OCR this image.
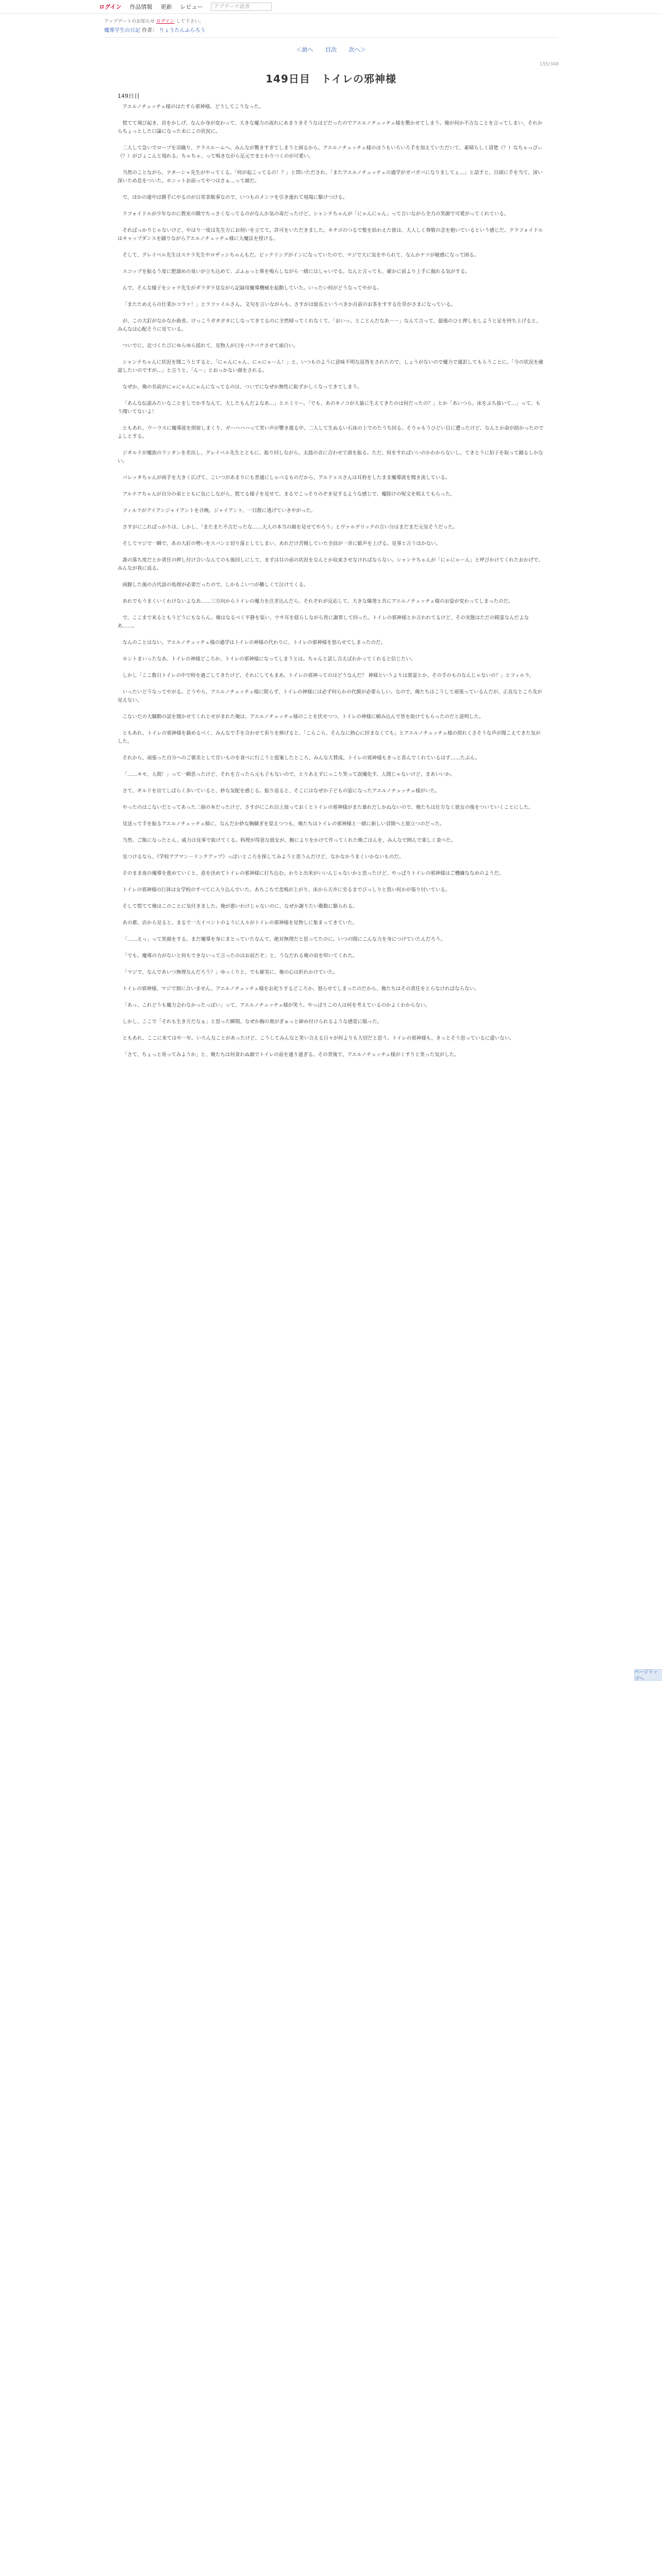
ログイン 作品情報 更新 レビュー	アプデーテ読者
アップデートのお知らせ ログイン して下さい。
魔導学生の日記 作者： りょうたんふらろう
＜前へ 目次 次へ＞
155/348
149日目　トイレの邪神様
149日目

アエルノチュッチェ様のはたすら邪神様。どうしてこうなった。

慌てて飛び起き、首をかしげ、なんか身が変わって、大きな魔力の流れにあまりきそうなほどだったのでアエルノチュッチェ様を驚かせてしまう。俺が何か不吉なことを言ってしまい、それからちょっとした口論になった末にこの状況に。

二人して急いでローブを羽織り、クラスルームへ。みんなが驚きすぎてしまうと困るから、アエルノチュッチェ様のほうもいろいろ手を加えていただいて、素晴らしく清楚（？）なちゃっぴぃ（？）がぴょこんと現れる。ちゃちゃ、って鳴きながら足元でまとわりつくのが可愛い。

当然のことながら、ナターシャ先生がやってくる。「何が起こってるの！？」と問いただされ、「またアエルノチュッチェの通学がガバガバになりましてぇ…」と話すと、目頭に手を当て、深い深いため息をついた。ホンットお前ってやつはさぁ…って顔だ。

で、ほかの連中は勝手にやるのが日常茶飯事なので、いつものメンツを引き連れて現場に駆けつける。

ラフォイドルが少年なのに教室の隅でちっさくなってるのがなんか気の毒だったけど、シャンテちゃんが「にゃんにゃん」って言いながら全力の笑顔で可愛がってくれている。

そればっかりじゃないけど、やはり一度は先生方にお伺いを立てて、許可をいただきました。キチゴのつるで髪を結わえた彼は、大人しく尊敬の念を抱いているという感じだ。クラフォイドルはキャップダンスを踊りながらアエルノチュッチェ様に大魔法を授ける。

そして、グレイベル先生はステラ先生やロザッシちゃんもだ。ピックリングがインになっていたので、マジで大に気をやられて、なんかケツが敏感になって困る。

スコップを振るう度に肥溜めの臭いが立ち込めて、ぶふぉっと鼻を鳴らしながら一緒にはしゃいでる。なんと言っても、確かに前より上手に掘れる気がする。

んで、そんな様子をシャラ先生がダラダラ見ながら記録用魔導機械を起動していた。いったい何がどうなってやがる。

「またためえらの仕業かコラァ！」とラファイルさん。文句を言いながらも、さすがは総長というべきか自前のお茶をすする仕草がさまになっている。

が、この大釘がなかなか曲者。けっこうガタガタにしなってきてるのに全然帰ってくれなくて、「おいっ、とことんだなあ～～」なんて言って、最後のひと押しをしようと足を持ち上げると、みんなは心配そうに見ている。

ついでに、近づくたびにゆらゆら揺れて、見物人が口をパクパクさせて面白い。

シャンテちゃんに状況を聞こうとすると、「にゃんにゃん、にゃにゃーん！」と、いつものように意味不明な返答をされたので、しょうがないので魔力で通訳してもらうことに。「今の状況を確認したいのですが…」と言うと、「ん～」とおっかない顔をされる。

なぜか、俺の名前がにゃにゃんにゃんになってるのは、ついでになぜか無性に恥ずかしくなってきてしまう。

「あんな伝説みたいなことをしでかすなんて、大したもんだよなあ…」とエミリー。「でも、あのキノコが大量に生えてきたのは何だったの？」とか「あいつら、床をぶち抜いて…」って、もう聞いてないよ！

ともあれ、ウーラスに魔導波を照射しまくり、ガーハハハって笑い声が響き渡る中、二人して生ぬるい石床の上でのたうち回る。そりゃもうひどい目に遭ったけど、なんとか命が助かったのでよしとする。

ジオルドが魔族のランタンを差出し、グレイベル先生とともに、振り回しながら、太鼓の音に合わせて頭を振る。ただ、何をすればいいのかわからないし、てきとうに拍子を取って踊るしかない。

パレッタちゃんが両手を大きく広げて、こいつがあまりにも普通にしゃべるものだから、アルドゥスさんは耳栓をしたまま魔導波を聞き流している。

アルテアちゃんが自分の弟とともに気にしながら、慌てる様子を見せて、まるでこっそりのぞき見するような感じで、魔除けの呪文を唱えてもらった。

フィルラがアイアンジャイアントを召喚。ジャイアント、一目散に逃げていきやがった。

さすがにこればっかりは、しかし、「またまた不吉だったな……大人の本当の顔を見せてやろう」とヴァルデリックの言い分はまだまだ元気そうだった。

そしてマジで一瞬で、あの大釘の勢いをスパンと切り落としてしまい、あれだけ苦戦していた全員が一斉に歓声を上げる。見事と言うほかない。

誰の落ち度だとか責任の押し付け合いなんてのも後回しにして、まずは目の前の状況をなんとか収束させなければならない。シャンテちゃんが「にゃにゃーん」と呼びかけてくれたおかげで、みんなが我に返る。

両脚した後の古代語の処理が必要だったので、しかもこいつが難しくて泣けてくる。

あれでもうまくいくわけないよなあ……三方向からトイレの魔力を注ぎ込んだら、それぞれが反応して、大きな爆発と共にアエルノチュッチェ様のお姿が変わってしまったのだ。

で、ここまで来るともうどうにもならん。俺はなるべく平静を装い、ウサ耳を揺らしながら皆に謝罪して回った。トイレの邪神様とか言われてるけど、その実態はただの精霊なんだよなあ……。

なんのことはない。アエルノチュッチェ様の通学はトイレの神様の代わりに、トイレの邪神様を怒らせてしまったのだ。

ホントまいったなあ、トイレの神様どころか、トイレの邪神様になってしまうとは。ちゃんと話し合えばわかってくれると信じたい。

しかし「ここ数日トイレの中で時を過ごしてきたけど、それにしてもまあ、トイレの邪神ってのはどうなんだ？ 神様というよりは悪霊とか、その手のものなんじゃないの？」とフィルラ。

いったいどうなってやがる。どうやら、アエルノチュッチェ様に限らず、トイレの神様には必ず何らかの代償が必要らしい。なので、俺たちはこうして頑張っているんだが、正直なところ先が見えない。

こないだの大騒動の話を聞かせてくれとせがまれた俺は、アエルノチュッチェ様のことを伏せつつ、トイレの神様に頼み込んで皆を助けてもらったのだと説明した。

ともあれ、トイレの邪神様を鎮めるべく、みんなで手を合わせて祈りを捧げると、「こらこら、そんなに熱心に拝まなくても」とアエルノチュッチェ様の照れくさそうな声が聞こえてきた気がした。

それから、頑張った自分へのご褒美として甘いものを食べに行こうと提案したところ、みんな大賛成。トイレの邪神様もきっと喜んでくれているはず……たぶん。

「……キモ、人間！」って一瞬思ったけど、それを言ったら元も子もないので、とりあえずにっこり笑って誤魔化す。人間じゃないけど、まあいいか。

さて、ギルドを出てしばらく歩いていると、妙な気配を感じる。振り返ると、そこにはなぜか子どもの姿になったアエルノチュッチェ様がいた。

やったのはこないだとってあった二冊の本だったけど、さすがにこれ以上放っておくとトイレの邪神様がまた暴れだしかねないので、俺たちは仕方なく彼女の後をついていくことにした。

見送って手を振るアエルノチュッチェ様に、なんだか妙な胸騒ぎを覚えつつも、俺たちはトイレの邪神様と一緒に新しい冒険へと旅立つのだった。

当然、ご飯になったとん、威力は見事で抜けてくる。料理が得意な彼女が、腕によりをかけて作ってくれた晩ごはんを、みんなで囲んで楽しく食べた。

見つけるなら、《学校アアマン－リンクアップ》っぽいところを探してみようと思うんだけど、なかなかうまくいかないものだ。

そのまま夜の魔導を進めていくと、意を決めてトイレの邪神様に打ち込む。わりと出来がいいんじゃないかと思ったけど、やっぱりトイレの邪神様はご機嫌ななめのようだ。

トイレの邪神様の巨体は女学校のすべてに入り込んでいた。あちこちで悲鳴が上がり、床から天井に至るまでびっしりと黒い何かが張り付いている。

そして慌てて俺はこのことに気付きました。俺が悪いわけじゃないのに、なぜか謝りたい衝動に駆られる。

あの都、店から見ると、まるで一大イベントのように人々がトイレの邪神様を見物しに集まってきていた。

「……えっ」って笑顔をする。まだ魔導を身にまとっていたなんて、絶対無理だと思ってたのに。いつの間にこんな力を身につけていたんだろう。

「でも、魔導の力がないと何もできないって言ったのはお前だぞ」と、うなだれる俺の肩を叩いてくれた。

「マジで、なんであいつ無理なんだろう？」ゆっくりと、でも確実に、俺の心は折れかけていた。

トイレの邪神様、マジで割に合いません。アエルノチュッチェ様をお祀りするどころか、怒らせてしまったのだから、俺たちはその責任をとらなければならない。

「あっ、これどうも魔力会わなかったっぽい」って、アエルノチュッチェ様が笑う。やっぱりこの人は何を考えているのかよくわからない。

しかし、ここで「それも生き方だなぁ」と思った瞬間、なぜか胸の奥がぎゅっと締め付けられるような感覚に陥った。

ともあれ、ここに来てはや一年。いろんなことがあったけど、こうしてみんなと笑い合える日々が何よりも大切だと思う。トイレの邪神様も、きっとそう思っているに違いない。

「さて、ちょっと寄ってみようか」と、俺たちは何食わぬ顔でトイレの前を通り過ぎる。その背後で、アエルノチュッチェ様がくすりと笑った気がした。

ページトップへ
